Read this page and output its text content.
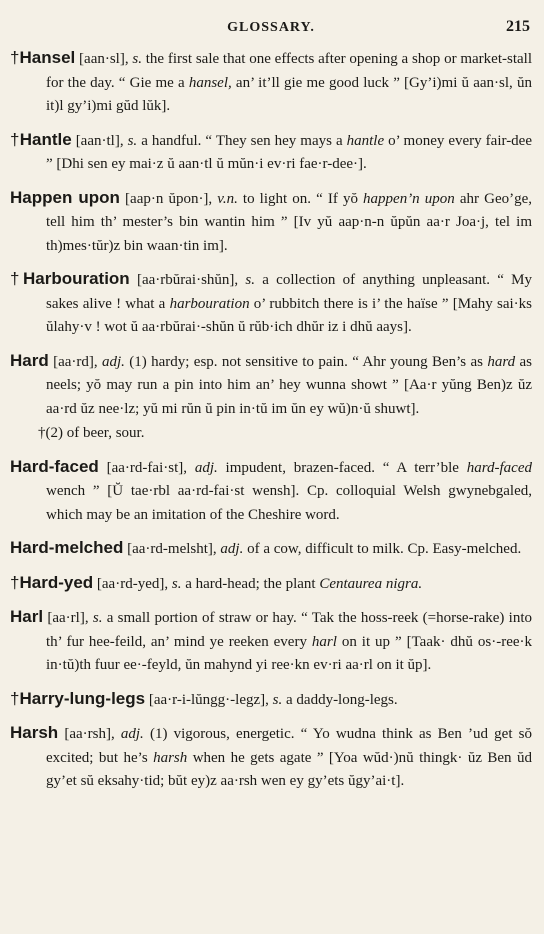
GLOSSARY.	215

†Hansel [aan·sl], s. the first sale that one effects after opening a shop or market-stall for the day. “ Gie me a hansel, an’ it’ll gie me good luck ” [Gy’i)mi ŭ aan·sl, ŭn it)l gy’i)mi gŭd lŭk].

†Hantle [aan·tl], s. a handful. “ They sen hey mays a hantle o’ money every fair-dee ” [Dhi sen ey mai·z ŭ aan·tl ŭ mŭn·i ev·ri fae·r-dee·].

Happen upon [aap·n ŭpon·], v.n. to light on. “ If yŏ happen’n upon ahr Geo’ge, tell him th’ mester’s bin wantin him ” [Iv yŭ aap·n-n ŭpŭn aa·r Joa·j, tel im th)mes·tŭr)z bin waan·tin im].

†Harbouration [aa·rbŭrai·shŭn], s. a collection of anything unpleasant. “ My sakes alive ! what a harbouration o’ rubbitch there is i’ the haïse ” [Mahy sai·ks ŭlahy·v ! wot ŭ aa·rbŭrai·-shŭn ŭ rŭb·ich dhŭr iz i dhŭ aays].

Hard [aa·rd], adj. (1) hardy; esp. not sensitive to pain. “ Ahr young Ben’s as hard as neels; yŏ may run a pin into him an’ hey wunna showt ” [Aa·r yŭng Ben)z ŭz aa·rd ŭz nee·lz; yŭ mi rŭn ŭ pin in·tŭ im ŭn ey wŭ)n·ŭ shuwt].

†(2) of beer, sour.

Hard-faced [aa·rd-fai·st], adj. impudent, brazen-faced. “ A terr’ble hard-faced wench ” [Ŭ tae·rbl aa·rd-fai·st wensh]. Cp. colloquial Welsh gwynebgaled, which may be an imitation of the Cheshire word.

Hard-melched [aa·rd-melsht], adj. of a cow, difficult to milk. Cp. Easy-melched.

†Hard-yed [aa·rd-yed], s. a hard-head; the plant Centaurea nigra.

Harl [aa·rl], s. a small portion of straw or hay. “ Tak the hoss-reek (=horse-rake) into th’ fur hee-feild, an’ mind ye reeken every harl on it up ” [Taak· dhŭ os·-ree·k in·tŭ)th fuur ee·-feyld, ŭn mahynd yi ree·kn ev·ri aa·rl on it ŭp].

†Harry-lung-legs [aa·r-i-lŭngg·-legz], s. a daddy-long-legs.

Harsh [aa·rsh], adj. (1) vigorous, energetic. “ Yo wudna think as Ben ’ud get sŏ excited; but he’s harsh when he gets agate ” [Yoa wŭd·)nŭ thingk· ŭz Ben ŭd gy’et sŭ eksahy·tid; bŭt ey)z aa·rsh wen ey gy’ets ŭgy’ai·t].
